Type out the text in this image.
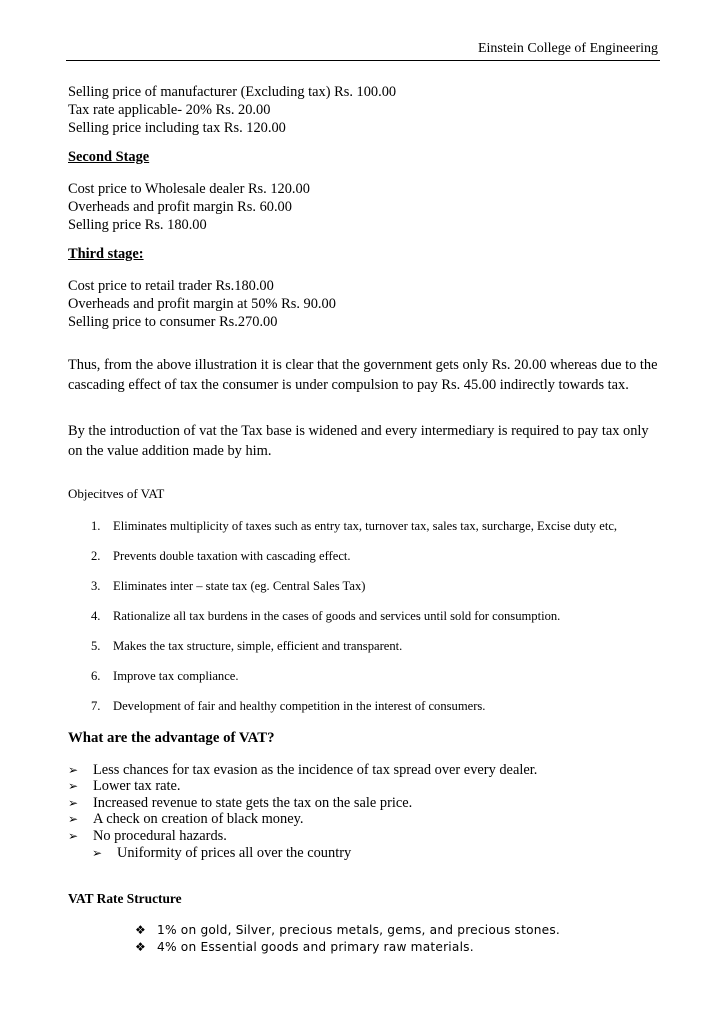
Einstein College of Engineering

Selling price of manufacturer (Excluding tax) Rs. 100.00

Tax rate applicable- 20% Rs. 20.00

Selling price including tax Rs. 120.00

Second Stage

Cost price to Wholesale dealer Rs. 120.00

Overheads and profit margin Rs. 60.00

Selling price Rs. 180.00

Third stage:

Cost price to retail trader Rs.180.00

Overheads and profit margin at 50% Rs. 90.00

Selling price to consumer Rs.270.00

Thus, from the above illustration it is clear that the government gets only Rs. 20.00 whereas due to the cascading effect of tax the consumer is under compulsion to pay Rs. 45.00 indirectly towards tax.

By the introduction of vat the Tax base is widened and every intermediary is required to pay tax only on the value addition made by him.

Objecitves of VAT
1. Eliminates multiplicity of taxes such as entry tax, turnover tax, sales tax, surcharge, Excise duty etc,
2. Prevents double taxation with cascading effect.
3. Eliminates inter – state tax (eg. Central Sales Tax)
4. Rationalize all tax burdens in the cases of goods and services until sold for consumption.
5. Makes the tax structure, simple, efficient and transparent.
6. Improve tax compliance.
7. Development of fair and healthy competition in the interest of consumers.
What are the advantage of VAT?
➢ Less chances for tax evasion as the incidence of tax spread over every dealer.
➢ Lower tax rate.
➢ Increased revenue to state gets the tax on the sale price.
➢ A check on creation of black money.
➢ No procedural hazards.
➢ Uniformity of prices all over the country
VAT Rate Structure
❖ 1% on gold, Silver, precious metals, gems, and precious stones.
❖ 4% on Essential goods and primary raw materials.
